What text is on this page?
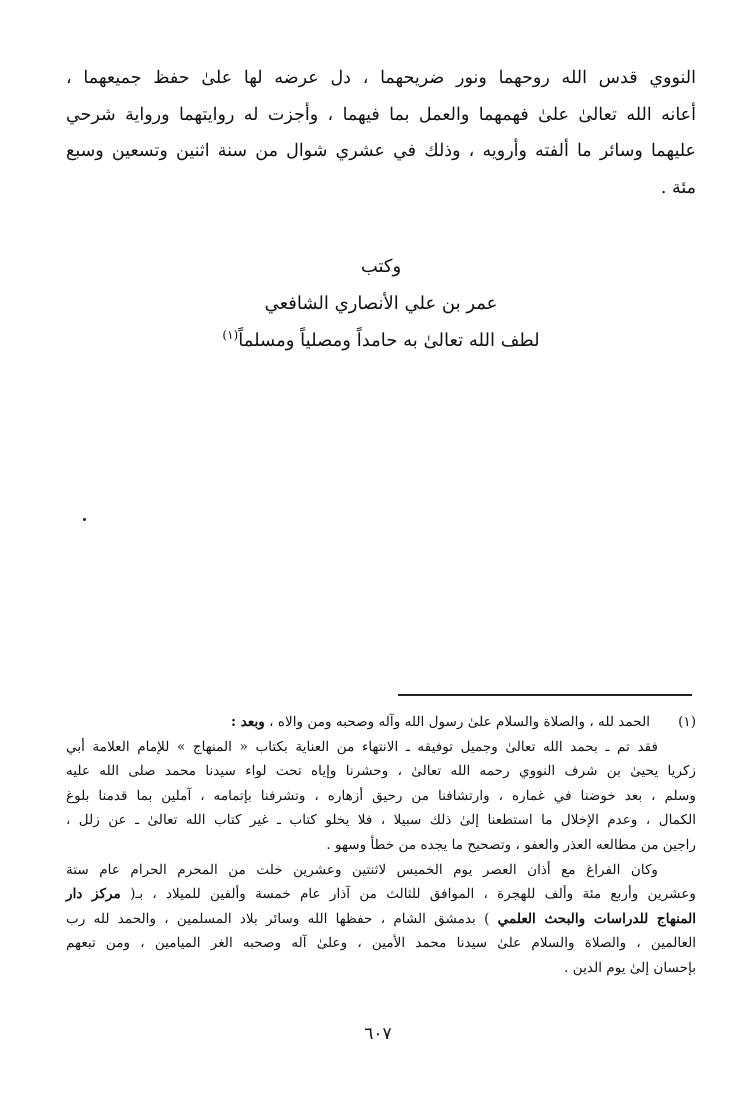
النووي قدس الله روحهما ونور ضريحهما ، دل عرضه لها علىٰ حفظ جميعهما ،
أعانه الله تعالىٰ علىٰ فهمهما والعمل بما فيهما ، وأجزت له روايتهما ورواية شرحي
عليهما وسائر ما ألفته وأرويه ، وذلك في عشري شوال من سنة اثنين وتسعين وسبع
مئة .
وكتب
عمر بن علي الأنصاري الشافعي
لطف الله تعالىٰ به حامداً ومصلياً ومسلماً$^{(١)}$
(١)
الحمد لله ، والصلاة والسلام علىٰ رسول الله وآله وصحبه ومن والاه ، وبعد :
فقد تم ـ بحمد الله تعالىٰ وجميل توفيقه ـ الانتهاء من العناية بكتاب « المنهاج » للإمام العلامة أبي
زكريا يحيىٰ بن شرف النووي رحمه الله تعالىٰ ، وحشرنا وإياه تحت لواء سيدنا محمد صلى الله عليه
وسلم ، بعد خوضنا في غماره ، وارتشافنا من رحيق أزهاره ، وتشرفنا بإتمامه ، آملين بما قدمنا بلوغ
الكمال ، وعدم الإخلال ما استطعنا إلىٰ ذلك سبيلا ، فلا يخلو كتاب ـ غير كتاب الله تعالىٰ ـ عن زلل ،
راجين من مطالعه العذر والعفو ، وتصحيح ما يجده من خطأ وسهو .
وكان الفراغ مع أذان العصر يوم الخميس لاثنتين وعشرين خلت من المحرم الحرام عام ستة
وعشرين وأربع مئة وألف للهجرة ، الموافق للثالث من آذار عام خمسة وألفين للميلاد ، بـ( مركز دار
المنهاج للدراسات والبحث العلمي ) بدمشق الشام ، حفظها الله وسائر بلاد المسلمين ، والحمد لله رب
العالمين ، والصلاة والسلام علىٰ سيدنا محمد الأمين ، وعلىٰ آله وصحبه الغر الميامين ، ومن تبعهم
بإحسان إلىٰ يوم الدين .
٦٠٧
